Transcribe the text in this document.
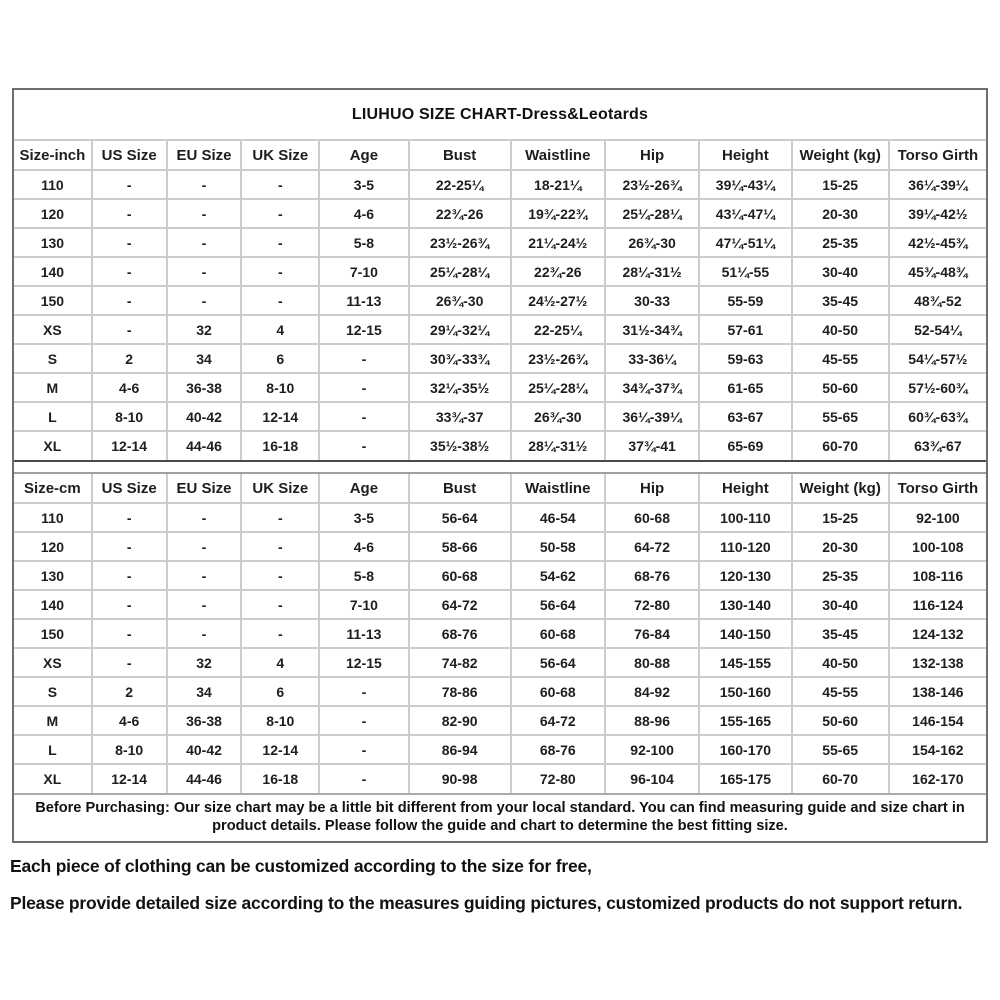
LIUHUO SIZE CHART-Dress&Leotards
Size-inch	US Size	EU Size	UK Size	Age	Bust	Waistline	Hip	Height	Weight (kg)	Torso Girth
110	-	-	-	3-5	22-25¼	18-21¼	23½-26¾	39¼-43¼	15-25	36¼-39¼
120	-	-	-	4-6	22¾-26	19¾-22¾	25¼-28¼	43¼-47¼	20-30	39¼-42½
130	-	-	-	5-8	23½-26¾	21¼-24½	26¾-30	47¼-51¼	25-35	42½-45¾
140	-	-	-	7-10	25¼-28¼	22¾-26	28¼-31½	51¼-55	30-40	45¾-48¾
150	-	-	-	11-13	26¾-30	24½-27½	30-33	55-59	35-45	48¾-52
XS	-	32	4	12-15	29¼-32¼	22-25¼	31½-34¾	57-61	40-50	52-54¼
S	2	34	6	-	30¾-33¾	23½-26¾	33-36¼	59-63	45-55	54¼-57½
M	4-6	36-38	8-10	-	32¼-35½	25¼-28¼	34¾-37¾	61-65	50-60	57½-60¾
L	8-10	40-42	12-14	-	33¾-37	26¾-30	36¼-39¼	63-67	55-65	60¾-63¾
XL	12-14	44-46	16-18	-	35½-38½	28¼-31½	37¾-41	65-69	60-70	63¾-67
Size-cm	US Size	EU Size	UK Size	Age	Bust	Waistline	Hip	Height	Weight (kg)	Torso Girth
110	-	-	-	3-5	56-64	46-54	60-68	100-110	15-25	92-100
120	-	-	-	4-6	58-66	50-58	64-72	110-120	20-30	100-108
130	-	-	-	5-8	60-68	54-62	68-76	120-130	25-35	108-116
140	-	-	-	7-10	64-72	56-64	72-80	130-140	30-40	116-124
150	-	-	-	11-13	68-76	60-68	76-84	140-150	35-45	124-132
XS	-	32	4	12-15	74-82	56-64	80-88	145-155	40-50	132-138
S	2	34	6	-	78-86	60-68	84-92	150-160	45-55	138-146
M	4-6	36-38	8-10	-	82-90	64-72	88-96	155-165	50-60	146-154
L	8-10	40-42	12-14	-	86-94	68-76	92-100	160-170	55-65	154-162
XL	12-14	44-46	16-18	-	90-98	72-80	96-104	165-175	60-70	162-170
Before Purchasing: Our size chart may be a little bit different from your local standard. You can find measuring guide and size chart in product details. Please follow the guide and chart to determine the best fitting size.
Each piece of clothing can be customized according to the size for free,
Please provide detailed size according to the measures guiding pictures, customized products do not support return.
